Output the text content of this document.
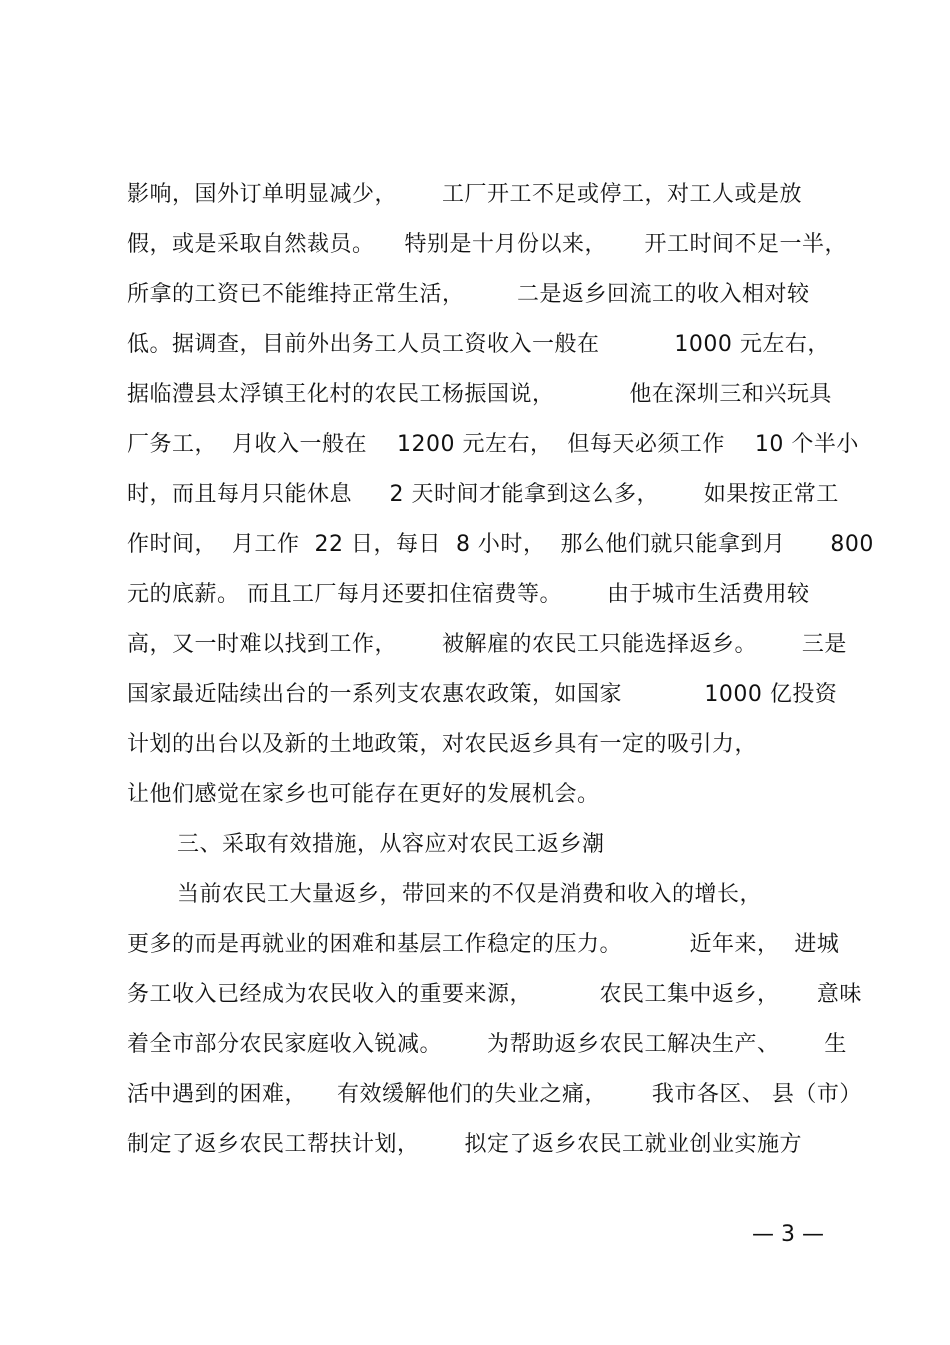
影响，国外订单明显减少，      工厂开工不足或停工，对工人或是放
假，或是采取自然裁员。    特别是十月份以来，     开工时间不足一半，
所拿的工资已不能维持正常生活，       二是返乡回流工的收入相对较
低。据调查，目前外出务工人员工资收入一般在          1000 元左右，
据临澧县太浮镇王化村的农民工杨振国说，          他在深圳三和兴玩具
厂务工，  月收入一般在    1200 元左右，  但每天必须工作    10 个半小
时，而且每月只能休息     2 天时间才能拿到这么多，      如果按正常工
作时间，  月工作  22 日，每日  8 小时，  那么他们就只能拿到月      800
元的底薪。 而且工厂每月还要扣住宿费等。      由于城市生活费用较
高，又一时难以找到工作，      被解雇的农民工只能选择返乡。      三是
国家最近陆续出台的一系列支农惠农政策，如国家           1000 亿投资
计划的出台以及新的土地政策，对农民返乡具有一定的吸引力，
让他们感觉在家乡也可能存在更好的发展机会。
三、采取有效措施，从容应对农民工返乡潮
当前农民工大量返乡，带回来的不仅是消费和收入的增长，
更多的而是再就业的困难和基层工作稳定的压力。         近年来，  进城
务工收入已经成为农民收入的重要来源，         农民工集中返乡，     意味
着全市部分农民家庭收入锐减。      为帮助返乡农民工解决生产、      生
活中遇到的困难，    有效缓解他们的失业之痛，      我市各区、 县（市）
制定了返乡农民工帮扶计划，      拟定了返乡农民工就业创业实施方
— 3 —
